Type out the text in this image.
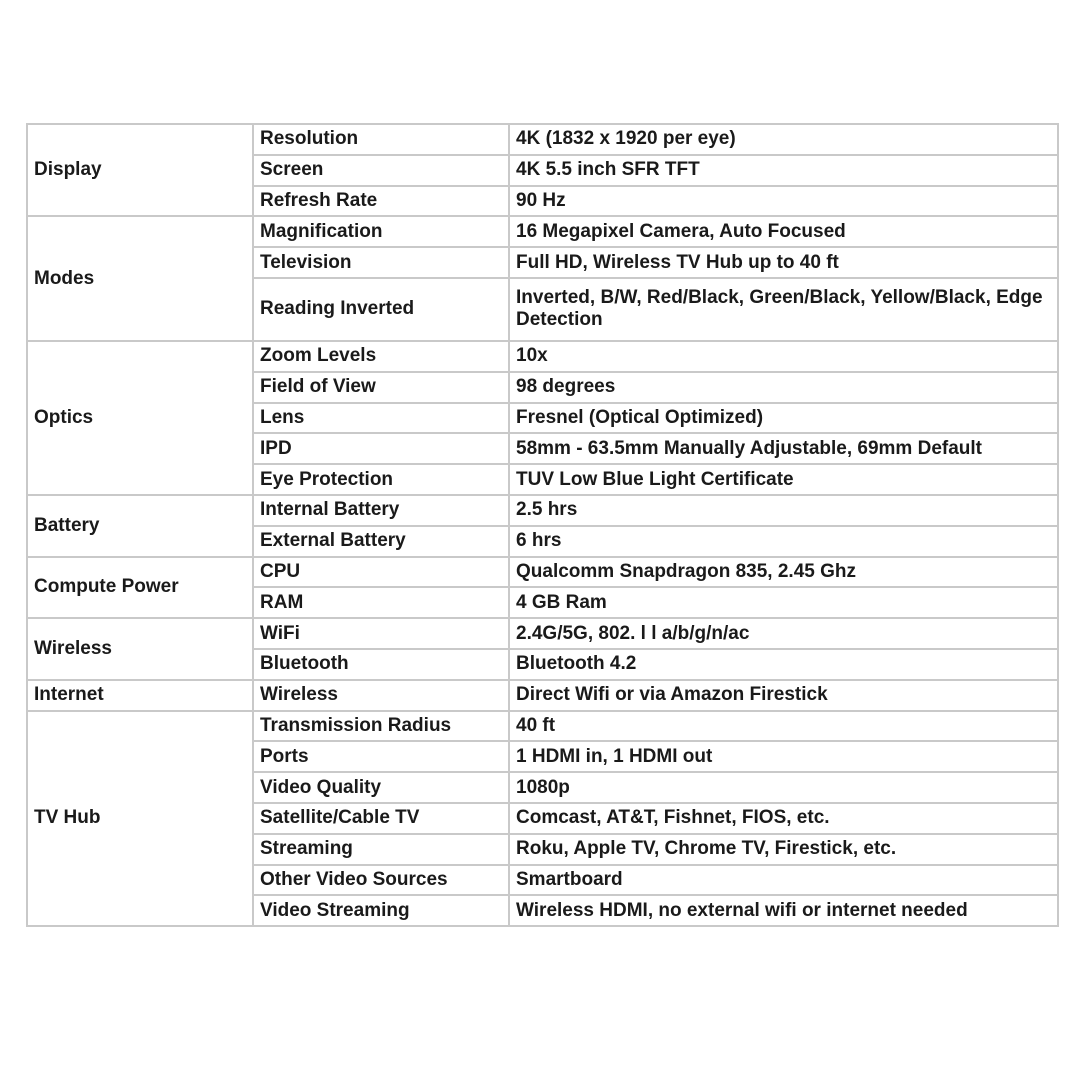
Display	Resolution	4K (1832 x 1920 per eye)
	Screen	4K 5.5 inch SFR TFT
	Refresh Rate	90 Hz
Modes	Magnification	16 Megapixel Camera, Auto Focused
	Television	Full HD, Wireless TV Hub up to 40 ft
	Reading Inverted	Inverted, B/W, Red/Black, Green/Black, Yellow/Black, Edge Detection
Optics	Zoom Levels	10x
	Field of View	98 degrees
	Lens	Fresnel (Optical Optimized)
	IPD	58mm - 63.5mm Manually Adjustable, 69mm Default
	Eye Protection	TUV Low Blue Light Certificate
Battery	Internal Battery	2.5 hrs
	External Battery	6 hrs
Compute Power	CPU	Qualcomm Snapdragon 835, 2.45 Ghz
	RAM	4 GB Ram
Wireless	WiFi	2.4G/5G, 802. l l a/b/g/n/ac
	Bluetooth	Bluetooth 4.2
Internet	Wireless	Direct Wifi or via Amazon Firestick
TV Hub	Transmission Radius	40 ft
	Ports	1 HDMI in, 1 HDMI out
	Video Quality	1080p
	Satellite/Cable TV	Comcast, AT&T, Fishnet, FIOS, etc.
	Streaming	Roku, Apple TV, Chrome TV, Firestick, etc.
	Other Video Sources	Smartboard
	Video Streaming	Wireless HDMI, no external wifi or internet needed
